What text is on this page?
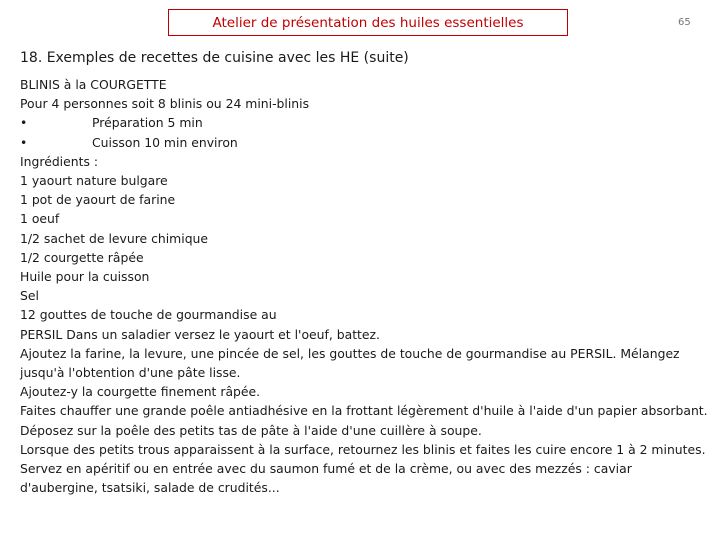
Atelier de présentation des huiles essentielles	65
18. Exemples de recettes de cuisine avec les HE (suite)
BLINIS à la COURGETTE
Pour 4 personnes soit 8 blinis ou 24 mini-blinis
•	Préparation 5 min
•	Cuisson 10 min environ
Ingrédients :
1 yaourt nature bulgare
1 pot de yaourt de farine
1 oeuf
1/2 sachet de levure chimique
1/2 courgette râpée
Huile pour la cuisson
Sel
12 gouttes de touche de gourmandise au
PERSIL Dans un saladier versez le yaourt et l'oeuf, battez.
Ajoutez la farine, la levure, une pincée de sel, les gouttes de touche de gourmandise au PERSIL. Mélangez jusqu'à l'obtention d'une pâte lisse.
Ajoutez-y la courgette finement râpée.
Faites chauffer une grande poêle antiadhésive en la frottant légèrement d'huile à l'aide d'un papier absorbant.
Déposez sur la poêle des petits tas de pâte à l'aide d'une cuillère à soupe.
Lorsque des petits trous apparaissent à la surface, retournez les blinis et faites les cuire encore 1 à 2 minutes.
Servez en apéritif ou en entrée avec du saumon fumé et de la crème, ou avec des mezzés : caviar d'aubergine, tsatsiki, salade de crudités...
